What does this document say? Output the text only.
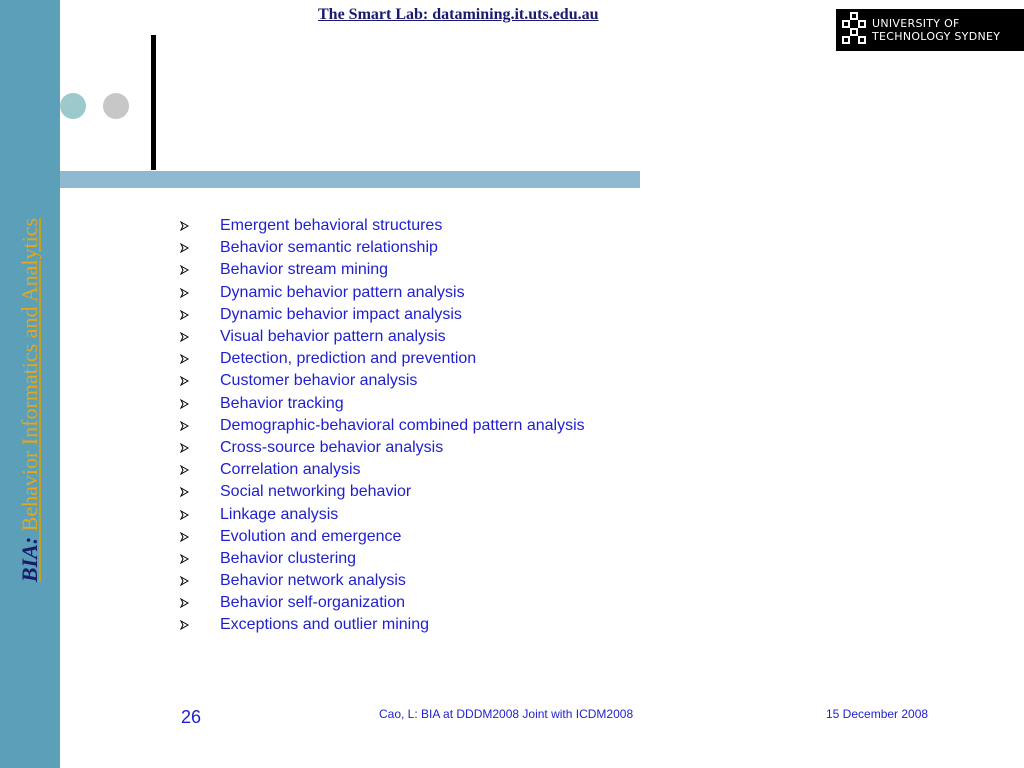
BIA: Behavior Informatics and Analytics
The Smart Lab: datamining.it.uts.edu.au
UNIVERSITY OF
TECHNOLOGY SYDNEY
Emergent behavioral structures
Behavior semantic relationship
Behavior stream mining
Dynamic behavior pattern analysis
Dynamic behavior impact analysis
Visual behavior pattern analysis
Detection, prediction and prevention
Customer behavior analysis
Behavior tracking
Demographic-behavioral combined pattern analysis
Cross-source behavior analysis
Correlation analysis
Social networking behavior
Linkage analysis
Evolution and emergence
Behavior clustering
Behavior network analysis
Behavior self-organization
Exceptions and outlier mining
26	Cao, L: BIA at DDDM2008 Joint with ICDM2008	15 December 2008
